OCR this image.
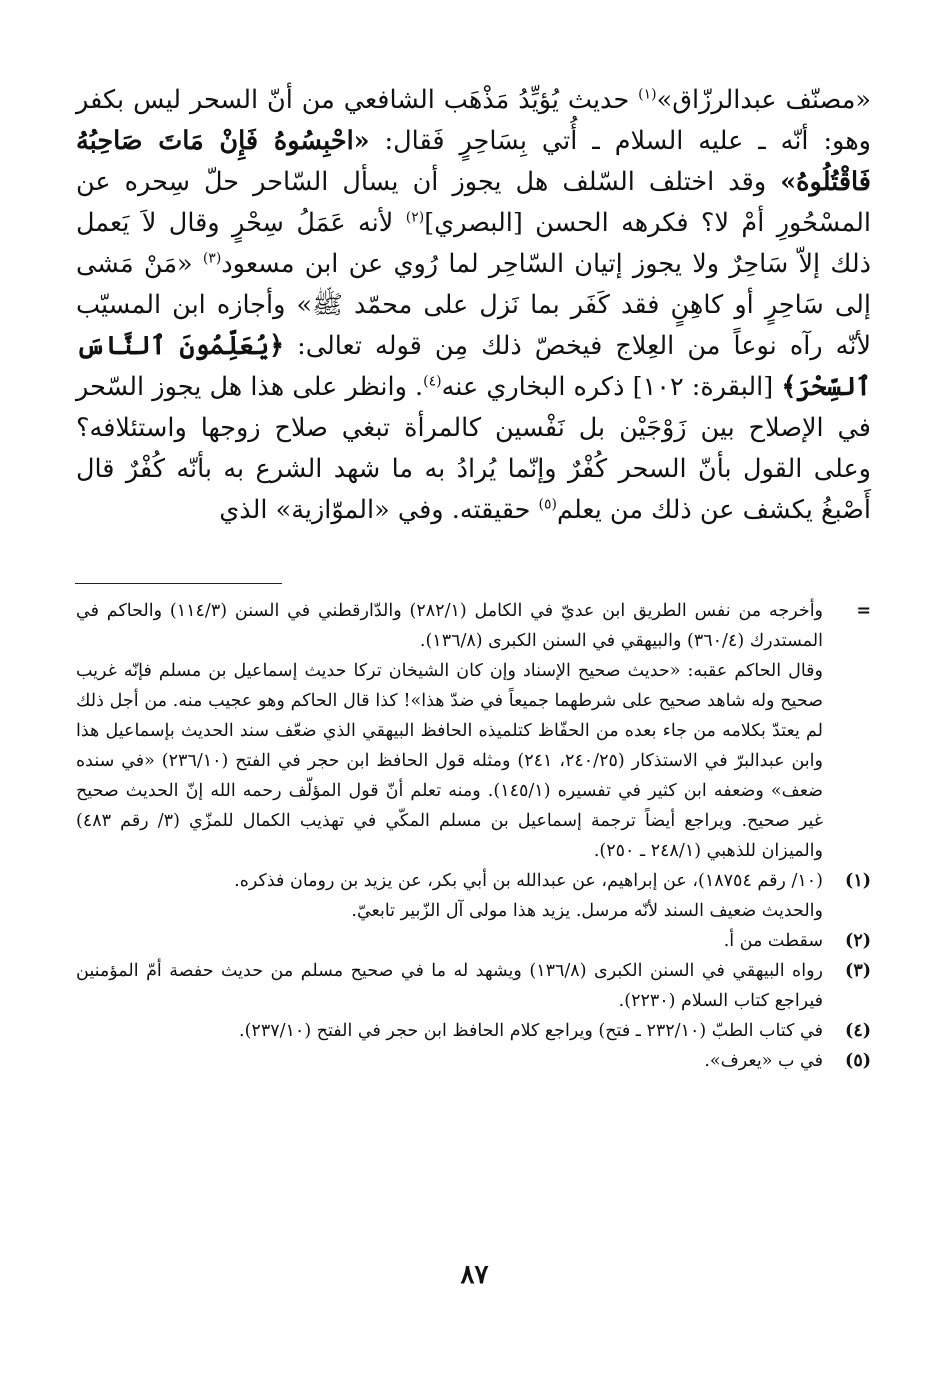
«مصنّف عبدالرزّاق»$^{(١)}$ حديث يُؤيِّدُ مَذْهَب الشافعي من أنّ السحر ليس بكفر وهو: أنّه ـ عليه السلام ـ أُتي بِسَاحِرٍ فَقال: «احْبِسُوهُ فَإِنْ مَاتَ صَاحِبُهُ فَاقْتُلُوهُ» وقد اختلف السّلف هل يجوز أن يسأل السّاحر حلّ سِحره عن المسْحُورِ أمْ لا؟ فكرهه الحسن [البصري]$^{(٢)}$ لأنه عَمَلُ سِحْرٍ وقال لاَ يَعمل ذلك إلاّ سَاحِرٌ ولا يجوز إتيان السّاحِر لما رُوي عن ابن مسعود$^{(٣)}$ «مَنْ مَشى إلى سَاحِرٍ أو كاهِنٍ فقد كَفَر بما نَزل على محمّد ﷺ» وأجازه ابن المسيّب لأنّه رآه نوعاً من العِلاج فيخصّ ذلك مِن قوله تعالى: ﴿يُعَلِّمُونَ ٱلنَّاسَ ٱلسِّحْرَ﴾ [البقرة: ١٠٢] ذكره البخاري عنه$^{(٤)}$. وانظر على هذا هل يجوز السّحر في الإصلاح بين زَوْجَيْن بل نَفْسين كالمرأة تبغي صلاح زوجها واستئلافه؟ وعلى القول بأنّ السحر كُفْرٌ وإنّما يُرادُ به ما شهد الشرع به بأنّه كُفْرٌ قال أَصْبغُ يكشف عن ذلك من يعلم$^{(٥)}$ حقيقته. وفي «الموّازية» الذي

=

وأخرجه من نفس الطريق ابن عديّ في الكامل (٢٨٢/١) والدّارقطني في السنن (١١٤/٣) والحاكم في المستدرك (٣٦٠/٤) والبيهقي في السنن الكبرى (١٣٦/٨).

وقال الحاكم عقبه: «حديث صحيح الإسناد وإن كان الشيخان تركا حديث إسماعيل بن مسلم فإنّه غريب صحيح وله شاهد صحيح على شرطهما جميعاً في ضدّ هذا»! كذا قال الحاكم وهو عجيب منه. من أجل ذلك لم يعتدّ بكلامه من جاء بعده من الحفّاظ كتلميذه الحافظ البيهقي الذي ضعّف سند الحديث بإسماعيل هذا وابن عبدالبرّ في الاستذكار (٢٤٠/٢٥، ٢٤١) ومثله قول الحافظ ابن حجر في الفتح (٢٣٦/١٠) «في سنده ضعف» وضعفه ابن كثير في تفسيره (١٤٥/١). ومنه تعلم أنّ قول المؤلّف رحمه الله إنّ الحديث صحيح غير صحيح. ويراجع أيضاً ترجمة إسماعيل بن مسلم المكّي في تهذيب الكمال للمزّي (٣/ رقم ٤٨٣) والميزان للذهبي (٢٤٨/١ ـ ٢٥٠).

(١)

(١٠/ رقم ١٨٧٥٤)، عن إبراهيم، عن عبدالله بن أبي بكر، عن يزيد بن رومان فذكره.

والحديث ضعيف السند لأنّه مرسل. يزيد هذا مولى آل الزّبير تابعيّ.

(٢)

سقطت من أ.

(٣)

رواه البيهقي في السنن الكبرى (١٣٦/٨) ويشهد له ما في صحيح مسلم من حديث حفصة أمّ المؤمنين فيراجع كتاب السلام (٢٢٣٠).

(٤)

في كتاب الطبّ (٢٣٢/١٠ ـ فتح) ويراجع كلام الحافظ ابن حجر في الفتح (٢٣٧/١٠).

(٥)

في ب «يعرف».

٨٧
